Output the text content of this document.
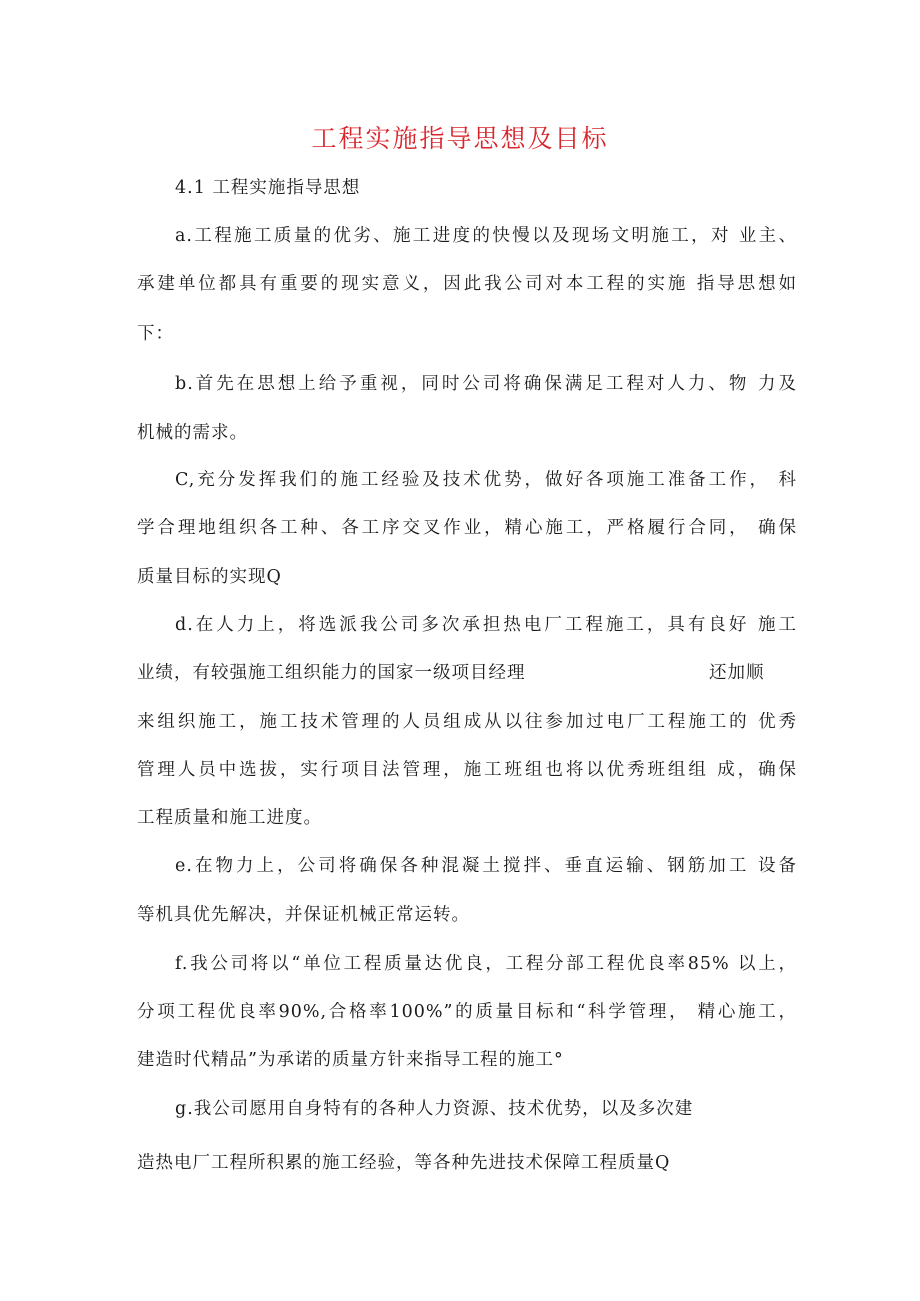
工程实施指导思想及目标
4.1 工程实施指导思想
a.工程施工质量的优劣、施工进度的快慢以及现场文明施工，对 业主、
承建单位都具有重要的现实意义，因此我公司对本工程的实施 指导思想如
下：
b.首先在思想上给予重视，同时公司将确保满足工程对人力、物 力及
机械的需求。
C,充分发挥我们的施工经验及技术优势，做好各项施工准备工作， 科
学合理地组织各工种、各工序交叉作业，精心施工，严格履行合同， 确保
质量目标的实现Q
d.在人力上，将选派我公司多次承担热电厂工程施工，具有良好 施工
业绩，有较强施工组织能力的国家一级项目经理	还加顺
来组织施工，施工技术管理的人员组成从以往参加过电厂工程施工的 优秀
管理人员中选拔，实行项目法管理，施工班组也将以优秀班组组 成，确保
工程质量和施工进度。
e.在物力上，公司将确保各种混凝土搅拌、垂直运输、钢筋加工 设备
等机具优先解决，并保证机械正常运转。
f.我公司将以“单位工程质量达优良，工程分部工程优良率85% 以上，
分项工程优良率90%,合格率100%”的质量目标和“科学管理， 精心施工，
建造时代精品”为承诺的质量方针来指导工程的施工°
g.我公司愿用自身特有的各种人力资源、技术优势，以及多次建
造热电厂工程所积累的施工经验，等各种先进技术保障工程质量Q
